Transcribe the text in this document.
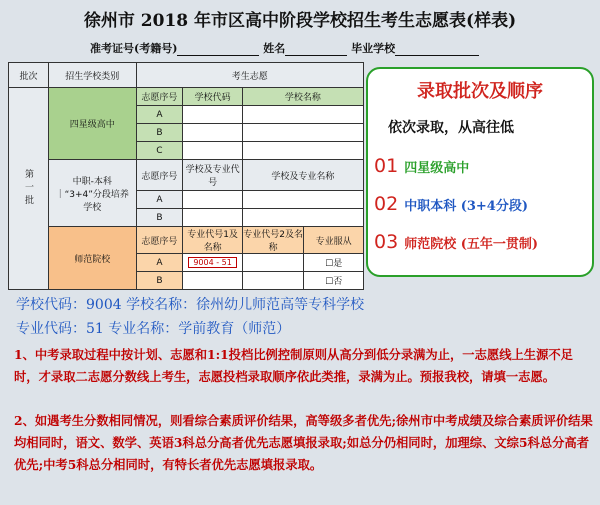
徐州市 2018 年市区高中阶段学校招生考生志愿表(样表)
准考证号(考籍号)	姓名	毕业学校
批次	招生学校类别	考生志愿			
第一批	四星级高中	志愿序号	学校代码	学校名称	
		A			
		B			
		C			
	中职-本科｜“3+4”分段培养学校	志愿序号	学校及专业代号	学校及专业名称	
		A			
		B			
	师范院校	志愿序号	专业代号1及名称	专业代号2及名称	专业服从
		A	9004 - 51		☐是
		B			☐否
录取批次及顺序
依次录取，从高往低
01 四星级高中
02 中职本科 (3+4分段)
03 师范院校 (五年一贯制)
学校代码：9004 学校名称：徐州幼儿师范高等专科学校
专业代码：51 专业名称：学前教育（师范）
1、中考录取过程中按计划、志愿和1:1投档比例控制原则从高分到低分录满为止，一志愿线上生源不足时，才录取二志愿分数线上考生，志愿投档录取顺序依此类推，录满为止。预报我校，请填一志愿。
2、如遇考生分数相同情况，则看综合素质评价结果，高等级多者优先;徐州市中考成绩及综合素质评价结果均相同时，语文、数学、英语3科总分高者优先志愿填报录取;如总分仍相同时，加理综、文综5科总分高者优先;中考5科总分相同时，有特长者优先志愿填报录取。
